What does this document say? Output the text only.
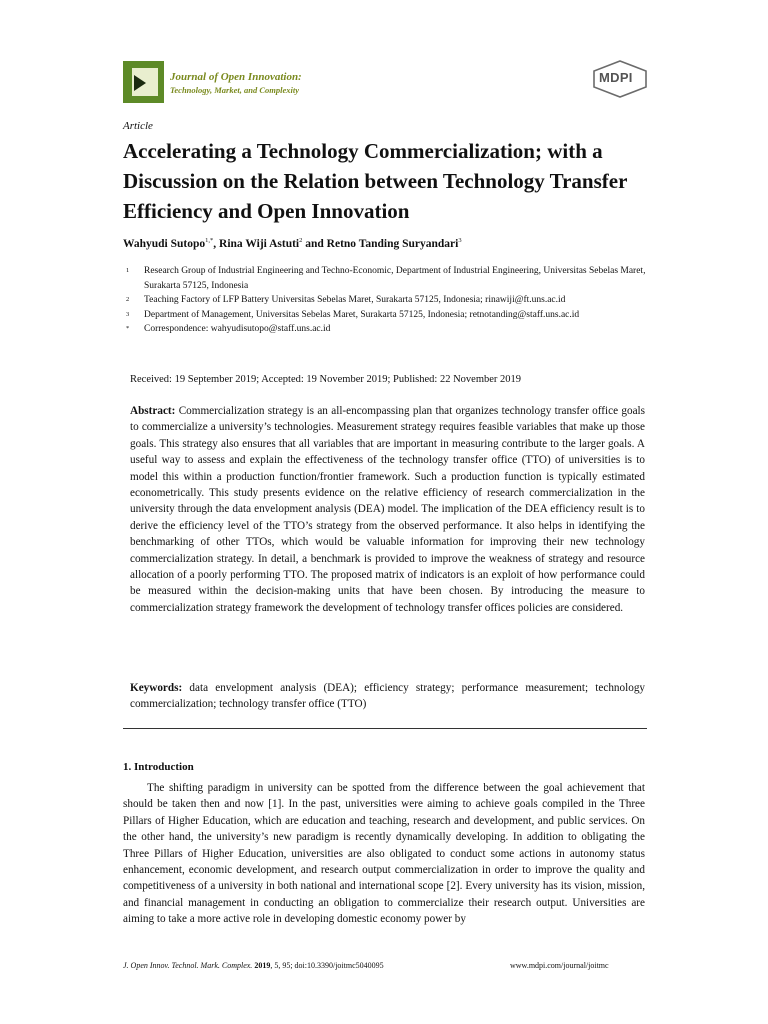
Journal of Open Innovation:
Technology, Market, and Complexity
MDPI
Article
Accelerating a Technology Commercialization; with a Discussion on the Relation between Technology Transfer Efficiency and Open Innovation
Wahyudi Sutopo$^{1,*}$, Rina Wiji Astuti$^2$ and Retno Tanding Suryandari$^3$
1	Research Group of Industrial Engineering and Techno-Economic, Department of Industrial Engineering, Universitas Sebelas Maret, Surakarta 57125, Indonesia
2	Teaching Factory of LFP Battery Universitas Sebelas Maret, Surakarta 57125, Indonesia; rinawiji@ft.uns.ac.id
3	Department of Management, Universitas Sebelas Maret, Surakarta 57125, Indonesia; retnotanding@staff.uns.ac.id
*	Correspondence: wahyudisutopo@staff.uns.ac.id
Received: 19 September 2019; Accepted: 19 November 2019; Published: 22 November 2019
Abstract: Commercialization strategy is an all-encompassing plan that organizes technology transfer office goals to commercialize a university’s technologies. Measurement strategy requires feasible variables that make up those goals. This strategy also ensures that all variables that are important in measuring contribute to the larger goals. A useful way to assess and explain the effectiveness of the technology transfer office (TTO) of universities is to model this within a production function/frontier framework. Such a production function is typically estimated econometrically. This study presents evidence on the relative efficiency of research commercialization in the university through the data envelopment analysis (DEA) model. The implication of the DEA efficiency result is to derive the efficiency level of the TTO’s strategy from the observed performance. It also helps in identifying the benchmarking of other TTOs, which would be valuable information for improving their new technology commercialization strategy. In detail, a benchmark is provided to improve the weakness of strategy and resource allocation of a poorly performing TTO. The proposed matrix of indicators is an exploit of how performance could be measured within the decision-making units that have been chosen. By introducing the measure to commercialization strategy framework the development of technology transfer offices policies are considered.
Keywords: data envelopment analysis (DEA); efficiency strategy; performance measurement; technology commercialization; technology transfer office (TTO)
1. Introduction
The shifting paradigm in university can be spotted from the difference between the goal achievement that should be taken then and now [1]. In the past, universities were aiming to achieve goals compiled in the Three Pillars of Higher Education, which are education and teaching, research and development, and public services. On the other hand, the university’s new paradigm is recently dynamically developing. In addition to obligating the Three Pillars of Higher Education, universities are also obligated to conduct some actions in autonomy status enhancement, economic development, and research output commercialization in order to improve the quality and competitiveness of a university in both national and international scope [2]. Every university has its vision, mission, and financial management in conducting an obligation to commercialize their research output. Universities are aiming to take a more active role in developing domestic economy power by
J. Open Innov. Technol. Mark. Complex. 2019, 5, 95; doi:10.3390/joitmc5040095	www.mdpi.com/journal/joitmc
